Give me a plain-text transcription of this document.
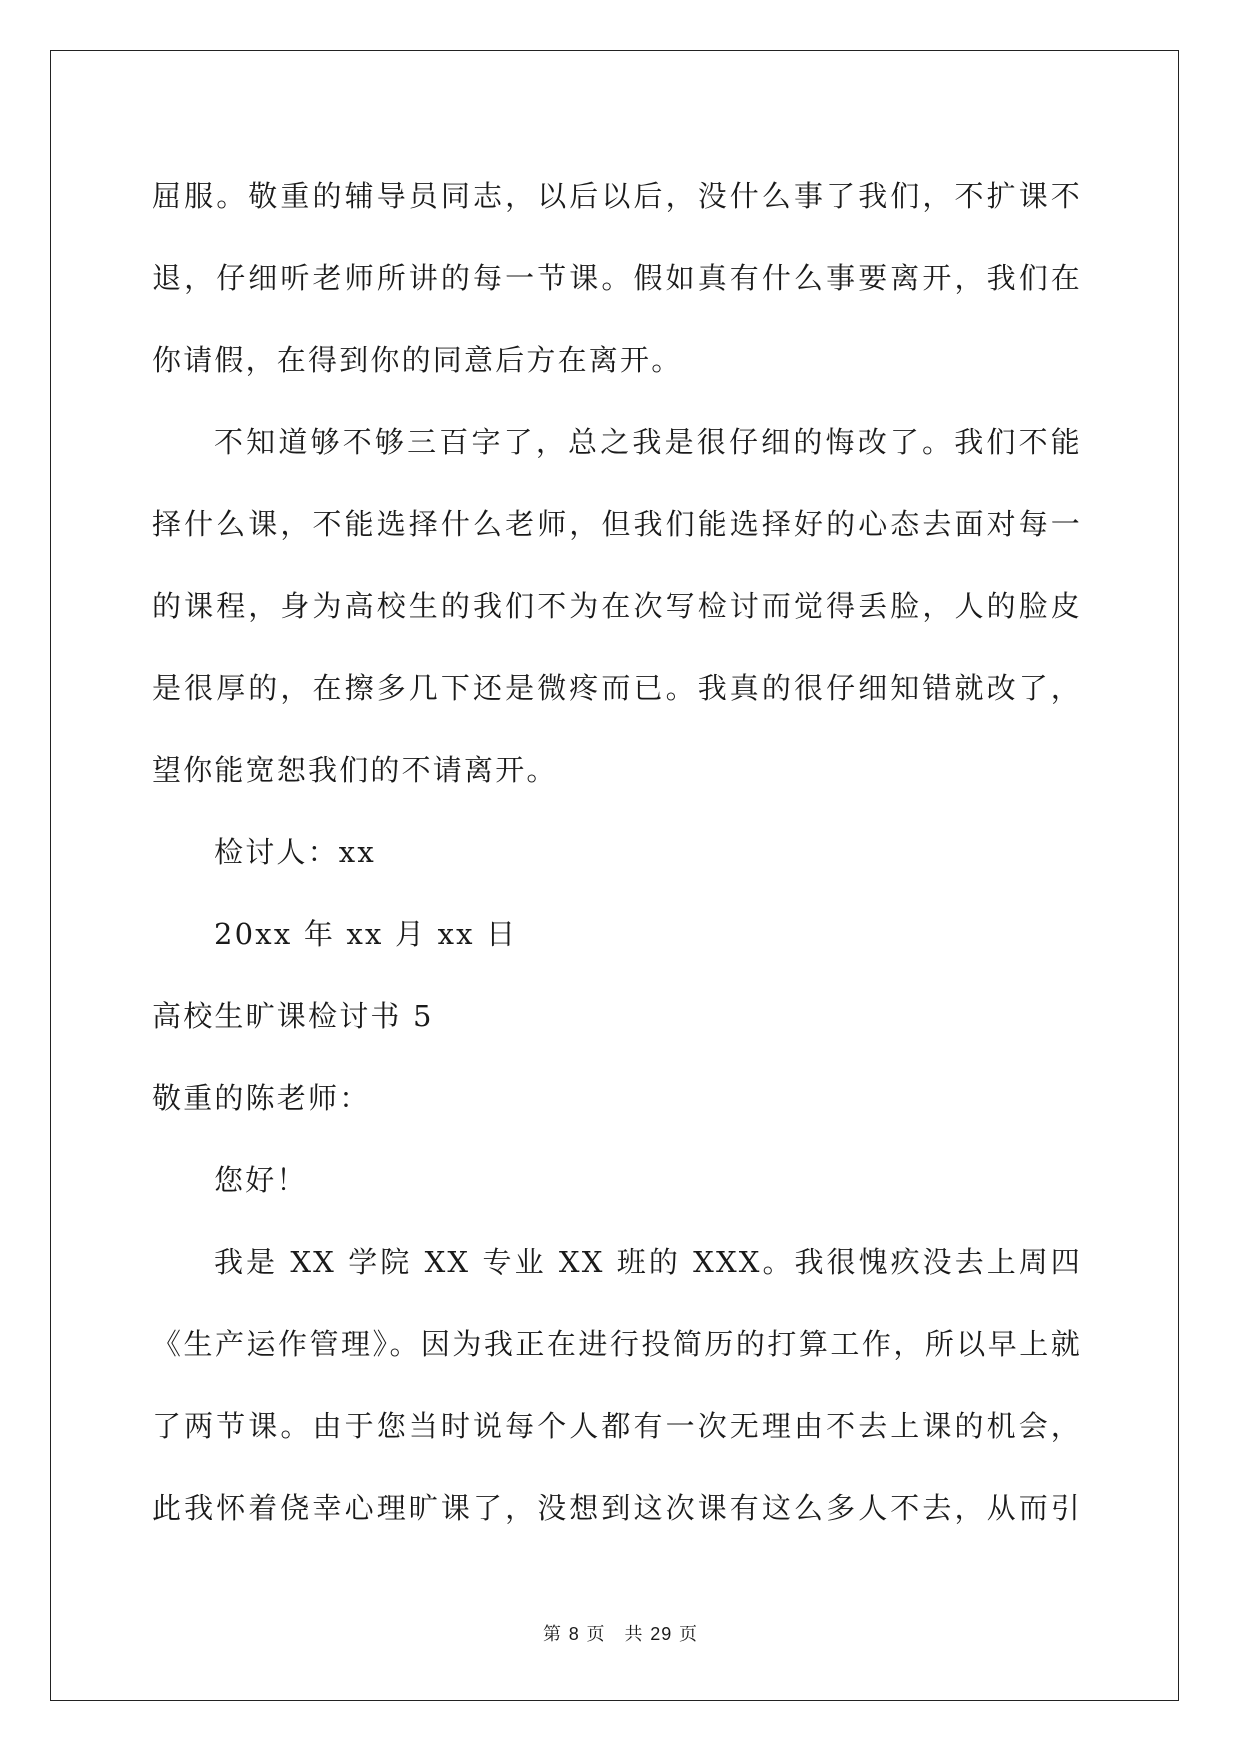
屈服。敬重的辅导员同志，以后以后，没什么事了我们，不扩课不
退，仔细听老师所讲的每一节课。假如真有什么事要离开，我们在
你请假，在得到你的同意后方在离开。
不知道够不够三百字了，总之我是很仔细的悔改了。我们不能
择什么课，不能选择什么老师，但我们能选择好的心态去面对每一
的课程，身为高校生的我们不为在次写检讨而觉得丢脸，人的脸皮
是很厚的，在擦多几下还是微疼而已。我真的很仔细知错就改了，
望你能宽恕我们的不请离开。
检讨人：xx
20xx 年 xx 月 xx 日
高校生旷课检讨书 5
敬重的陈老师：
您好！
我是 XX 学院 XX 专业 XX 班的 XXX。我很愧疚没去上周四
《生产运作管理》。因为我正在进行投简历的打算工作，所以早上就
了两节课。由于您当时说每个人都有一次无理由不去上课的机会，
此我怀着侥幸心理旷课了，没想到这次课有这么多人不去，从而引
第 8 页　共 29 页
